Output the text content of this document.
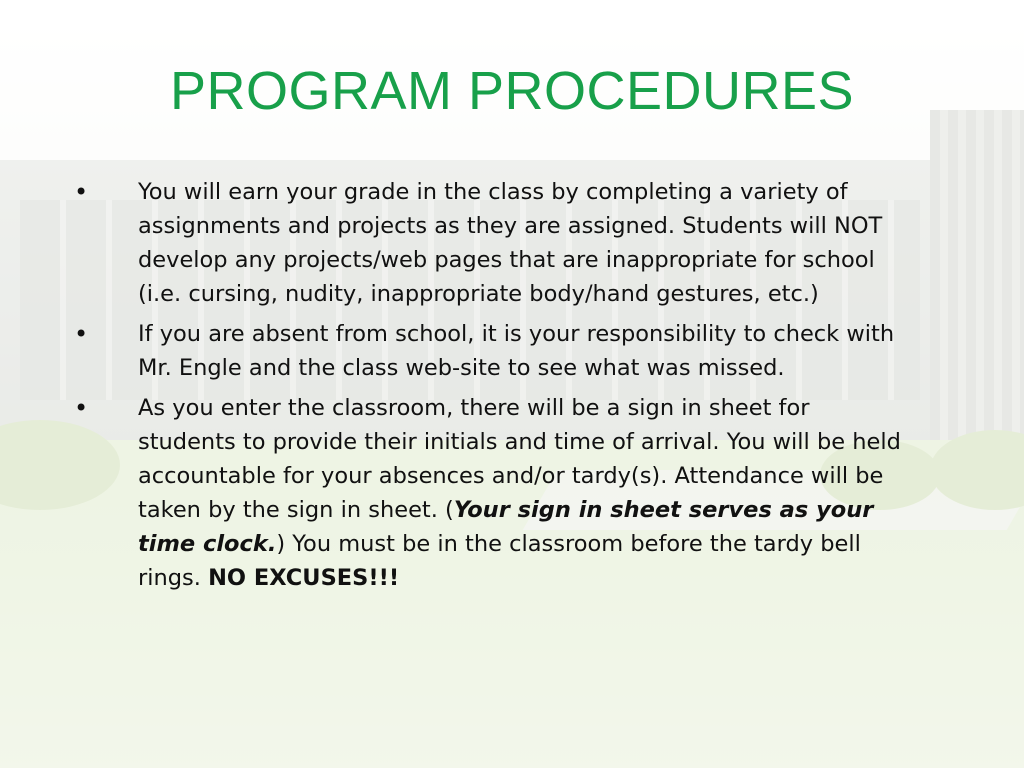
PROGRAM PROCEDURES
• You will earn your grade in the class by completing a variety of assignments and projects as they are assigned. Students will NOT develop any projects/web pages that are inappropriate for school (i.e. cursing, nudity, inappropriate body/hand gestures, etc.)
• If you are absent from school, it is your responsibility to check with Mr. Engle and the class web-site to see what was missed.
• As you enter the classroom, there will be a sign in sheet for students to provide their initials and time of arrival. You will be held accountable for your absences and/or tardy(s). Attendance will be taken by the sign in sheet. (Your sign in sheet serves as your time clock.) You must be in the classroom before the tardy bell rings. NO EXCUSES!!!
